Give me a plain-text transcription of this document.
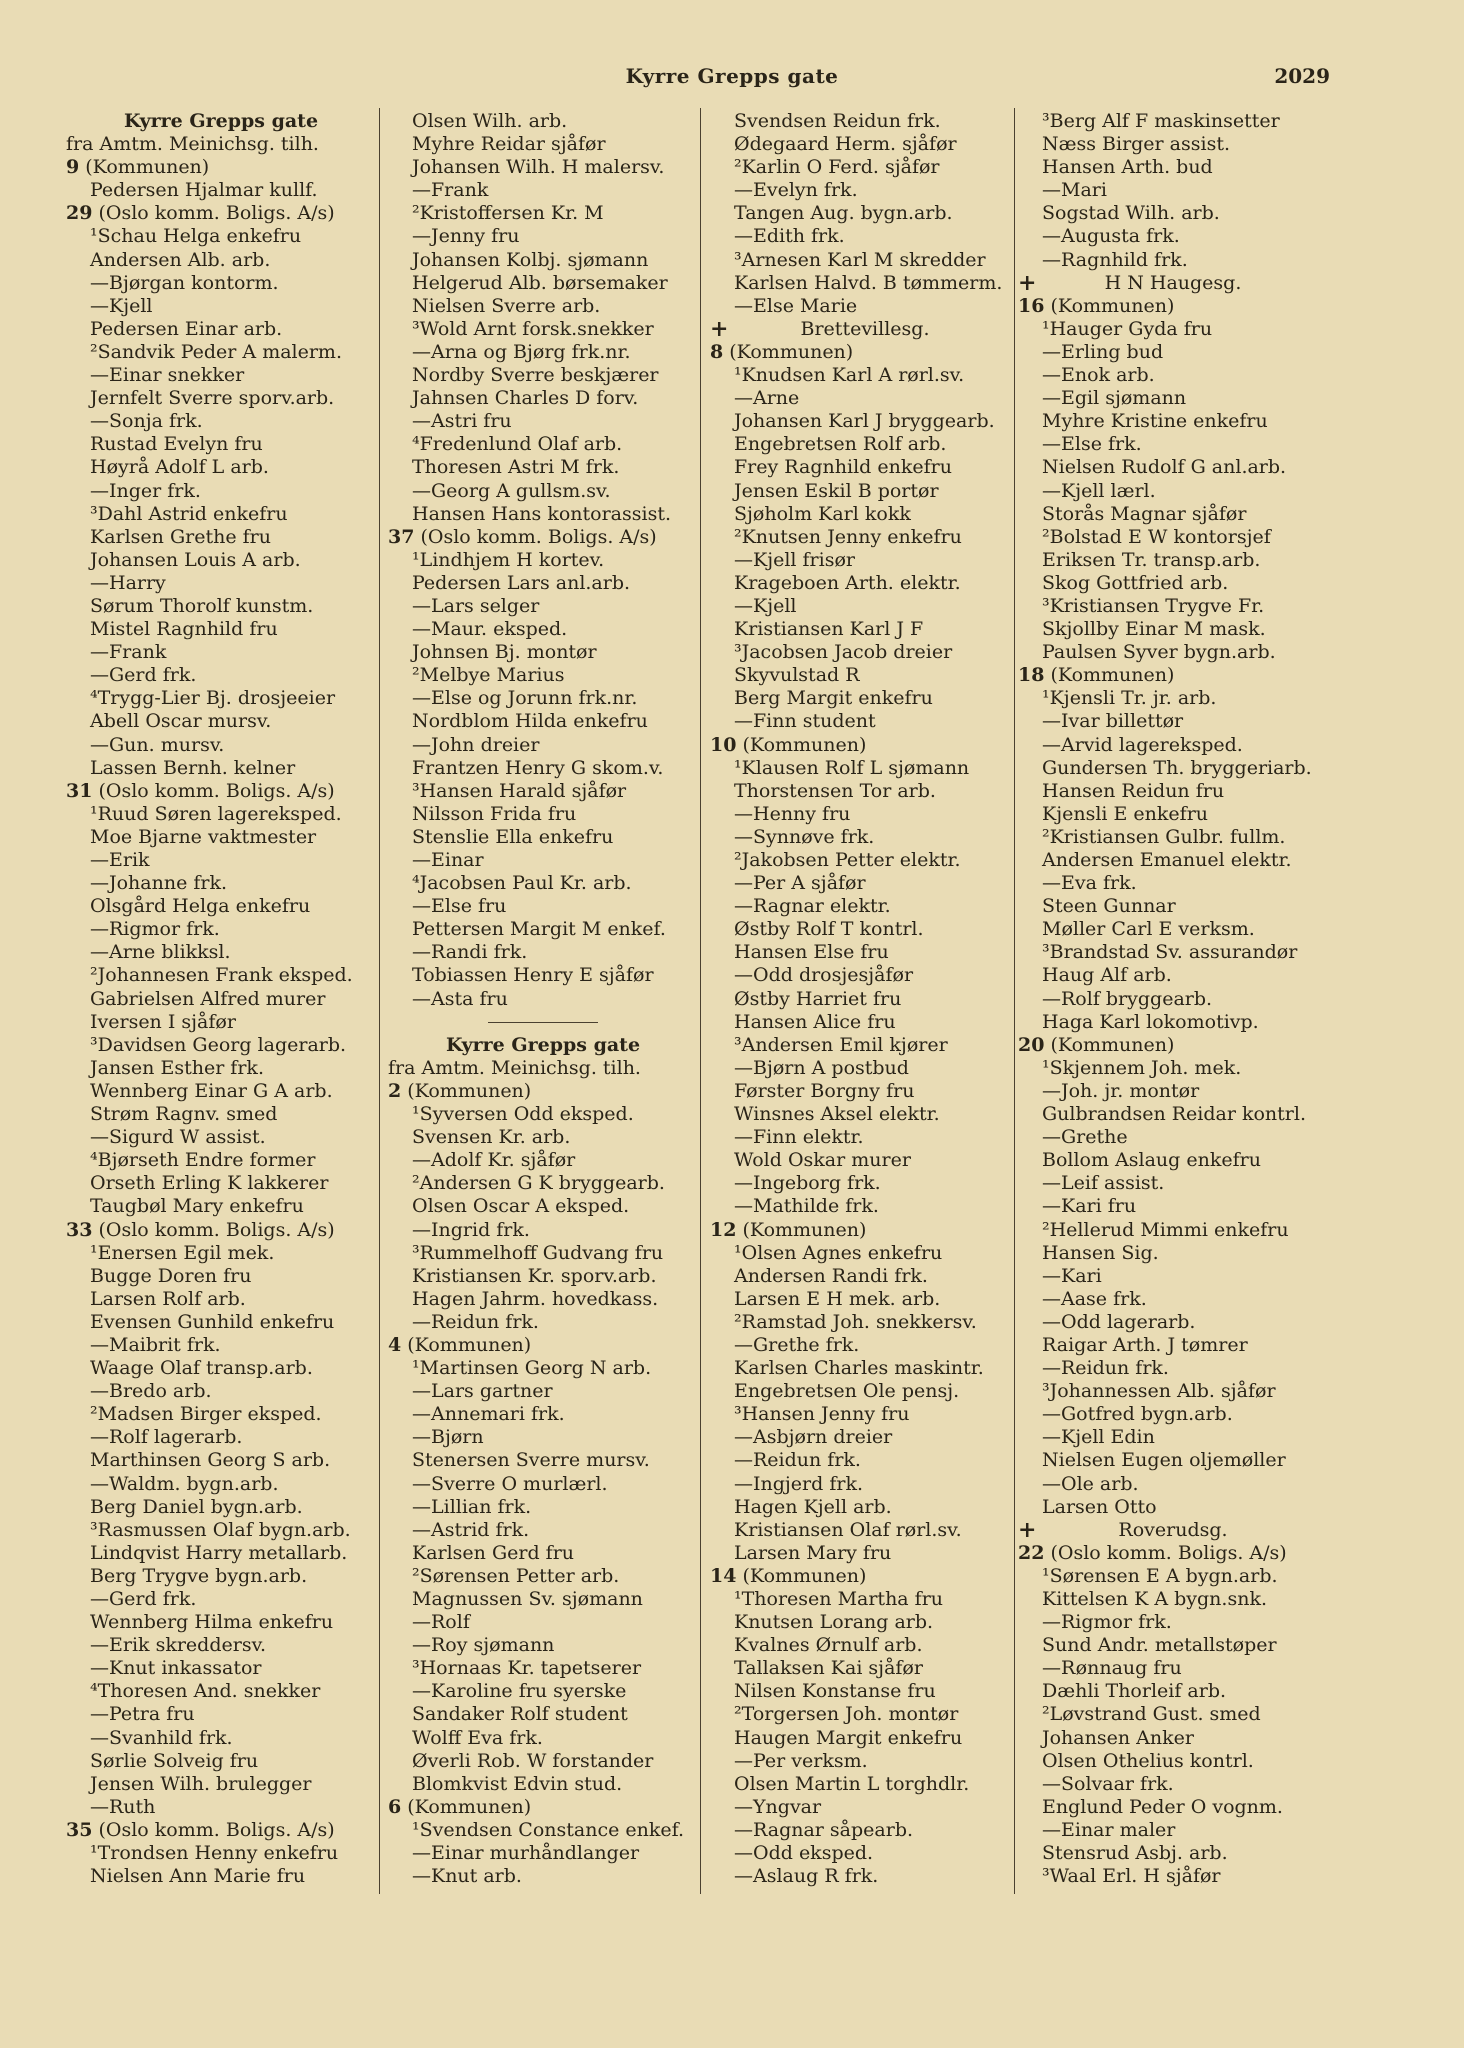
Kyrre Grepps gate	2029
Kyrre Grepps gate
fra Amtm. Meinichsg. tilh.
9 (Kommunen)
Pedersen Hjalmar kullf.
29 (Oslo komm. Boligs. A/s)
¹Schau Helga enkefru
Andersen Alb. arb.
—Bjørgan kontorm.
—Kjell
Pedersen Einar arb.
²Sandvik Peder A malerm.
—Einar snekker
Jernfelt Sverre sporv.arb.
—Sonja frk.
Rustad Evelyn fru
Høyrå Adolf L arb.
—Inger frk.
³Dahl Astrid enkefru
Karlsen Grethe fru
Johansen Louis A arb.
—Harry
Sørum Thorolf kunstm.
Mistel Ragnhild fru
—Frank
—Gerd frk.
⁴Trygg-Lier Bj. drosjeeier
Abell Oscar mursv.
—Gun. mursv.
Lassen Bernh. kelner
31 (Oslo komm. Boligs. A/s)
¹Ruud Søren lagereksped.
Moe Bjarne vaktmester
—Erik
—Johanne frk.
Olsgård Helga enkefru
—Rigmor frk.
—Arne blikksl.
²Johannesen Frank eksped.
Gabrielsen Alfred murer
Iversen I sjåfør
³Davidsen Georg lagerarb.
Jansen Esther frk.
Wennberg Einar G A arb.
Strøm Ragnv. smed
—Sigurd W assist.
⁴Bjørseth Endre former
Orseth Erling K lakkerer
Taugbøl Mary enkefru
33 (Oslo komm. Boligs. A/s)
¹Enersen Egil mek.
Bugge Doren fru
Larsen Rolf arb.
Evensen Gunhild enkefru
—Maibrit frk.
Waage Olaf transp.arb.
—Bredo arb.
²Madsen Birger eksped.
—Rolf lagerarb.
Marthinsen Georg S arb.
—Waldm. bygn.arb.
Berg Daniel bygn.arb.
³Rasmussen Olaf bygn.arb.
Lindqvist Harry metallarb.
Berg Trygve bygn.arb.
—Gerd frk.
Wennberg Hilma enkefru
—Erik skreddersv.
—Knut inkassator
⁴Thoresen And. snekker
—Petra fru
—Svanhild frk.
Sørlie Solveig fru
Jensen Wilh. brulegger
—Ruth
35 (Oslo komm. Boligs. A/s)
¹Trondsen Henny enkefru
Nielsen Ann Marie fru
Olsen Wilh. arb.
Myhre Reidar sjåfør
Johansen Wilh. H malersv.
—Frank
²Kristoffersen Kr. M
—Jenny fru
Johansen Kolbj. sjømann
Helgerud Alb. børsemaker
Nielsen Sverre arb.
³Wold Arnt forsk.snekker
—Arna og Bjørg frk.nr.
Nordby Sverre beskjærer
Jahnsen Charles D forv.
—Astri fru
⁴Fredenlund Olaf arb.
Thoresen Astri M frk.
—Georg A gullsm.sv.
Hansen Hans kontorassist.
37 (Oslo komm. Boligs. A/s)
¹Lindhjem H kortev.
Pedersen Lars anl.arb.
—Lars selger
—Maur. eksped.
Johnsen Bj. montør
²Melbye Marius
—Else og Jorunn frk.nr.
Nordblom Hilda enkefru
—John dreier
Frantzen Henry G skom.v.
³Hansen Harald sjåfør
Nilsson Frida fru
Stenslie Ella enkefru
—Einar
⁴Jacobsen Paul Kr. arb.
—Else fru
Pettersen Margit M enkef.
—Randi frk.
Tobiassen Henry E sjåfør
—Asta fru
Kyrre Grepps gate
fra Amtm. Meinichsg. tilh.
2 (Kommunen)
¹Syversen Odd eksped.
Svensen Kr. arb.
—Adolf Kr. sjåfør
²Andersen G K bryggearb.
Olsen Oscar A eksped.
—Ingrid frk.
³Rummelhoff Gudvang fru
Kristiansen Kr. sporv.arb.
Hagen Jahrm. hovedkass.
—Reidun frk.
4 (Kommunen)
¹Martinsen Georg N arb.
—Lars gartner
—Annemari frk.
—Bjørn
Stenersen Sverre mursv.
—Sverre O murlærl.
—Lillian frk.
—Astrid frk.
Karlsen Gerd fru
²Sørensen Petter arb.
Magnussen Sv. sjømann
—Rolf
—Roy sjømann
³Hornaas Kr. tapetserer
—Karoline fru syerske
Sandaker Rolf student
Wolff Eva frk.
Øverli Rob. W forstander
Blomkvist Edvin stud.
6 (Kommunen)
¹Svendsen Constance enkef.
—Einar murhåndlanger
—Knut arb.
Svendsen Reidun frk.
Ødegaard Herm. sjåfør
²Karlin O Ferd. sjåfør
—Evelyn frk.
Tangen Aug. bygn.arb.
—Edith frk.
³Arnesen Karl M skredder
Karlsen Halvd. B tømmerm.
—Else Marie
+	Brettevillesg.
8 (Kommunen)
¹Knudsen Karl A rørl.sv.
—Arne
Johansen Karl J bryggearb.
Engebretsen Rolf arb.
Frey Ragnhild enkefru
Jensen Eskil B portør
Sjøholm Karl kokk
²Knutsen Jenny enkefru
—Kjell frisør
Krageboen Arth. elektr.
—Kjell
Kristiansen Karl J F
³Jacobsen Jacob dreier
Skyvulstad R
Berg Margit enkefru
—Finn student
10 (Kommunen)
¹Klausen Rolf L sjømann
Thorstensen Tor arb.
—Henny fru
—Synnøve frk.
²Jakobsen Petter elektr.
—Per A sjåfør
—Ragnar elektr.
Østby Rolf T kontrl.
Hansen Else fru
—Odd drosjesjåfør
Østby Harriet fru
Hansen Alice fru
³Andersen Emil kjører
—Bjørn A postbud
Førster Borgny fru
Winsnes Aksel elektr.
—Finn elektr.
Wold Oskar murer
—Ingeborg frk.
—Mathilde frk.
12 (Kommunen)
¹Olsen Agnes enkefru
Andersen Randi frk.
Larsen E H mek. arb.
²Ramstad Joh. snekkersv.
—Grethe frk.
Karlsen Charles maskintr.
Engebretsen Ole pensj.
³Hansen Jenny fru
—Asbjørn dreier
—Reidun frk.
—Ingjerd frk.
Hagen Kjell arb.
Kristiansen Olaf rørl.sv.
Larsen Mary fru
14 (Kommunen)
¹Thoresen Martha fru
Knutsen Lorang arb.
Kvalnes Ørnulf arb.
Tallaksen Kai sjåfør
Nilsen Konstanse fru
²Torgersen Joh. montør
Haugen Margit enkefru
—Per verksm.
Olsen Martin L torghdlr.
—Yngvar
—Ragnar såpearb.
—Odd eksped.
—Aslaug R frk.
³Berg Alf F maskinsetter
Næss Birger assist.
Hansen Arth. bud
—Mari
Sogstad Wilh. arb.
—Augusta frk.
—Ragnhild frk.
+	H N Haugesg.
16 (Kommunen)
¹Hauger Gyda fru
—Erling bud
—Enok arb.
—Egil sjømann
Myhre Kristine enkefru
—Else frk.
Nielsen Rudolf G anl.arb.
—Kjell lærl.
Storås Magnar sjåfør
²Bolstad E W kontorsjef
Eriksen Tr. transp.arb.
Skog Gottfried arb.
³Kristiansen Trygve Fr.
Skjollby Einar M mask.
Paulsen Syver bygn.arb.
18 (Kommunen)
¹Kjensli Tr. jr. arb.
—Ivar billettør
—Arvid lagereksped.
Gundersen Th. bryggeriarb.
Hansen Reidun fru
Kjensli E enkefru
²Kristiansen Gulbr. fullm.
Andersen Emanuel elektr.
—Eva frk.
Steen Gunnar
Møller Carl E verksm.
³Brandstad Sv. assurandør
Haug Alf arb.
—Rolf bryggearb.
Haga Karl lokomotivp.
20 (Kommunen)
¹Skjennem Joh. mek.
—Joh. jr. montør
Gulbrandsen Reidar kontrl.
—Grethe
Bollom Aslaug enkefru
—Leif assist.
—Kari fru
²Hellerud Mimmi enkefru
Hansen Sig.
—Kari
—Aase frk.
—Odd lagerarb.
Raigar Arth. J tømrer
—Reidun frk.
³Johannessen Alb. sjåfør
—Gotfred bygn.arb.
—Kjell Edin
Nielsen Eugen oljemøller
—Ole arb.
Larsen Otto
+	Roverudsg.
22 (Oslo komm. Boligs. A/s)
¹Sørensen E A bygn.arb.
Kittelsen K A bygn.snk.
—Rigmor frk.
Sund Andr. metallstøper
—Rønnaug fru
Dæhli Thorleif arb.
²Løvstrand Gust. smed
Johansen Anker
Olsen Othelius kontrl.
—Solvaar frk.
Englund Peder O vognm.
—Einar maler
Stensrud Asbj. arb.
³Waal Erl. H sjåfør
